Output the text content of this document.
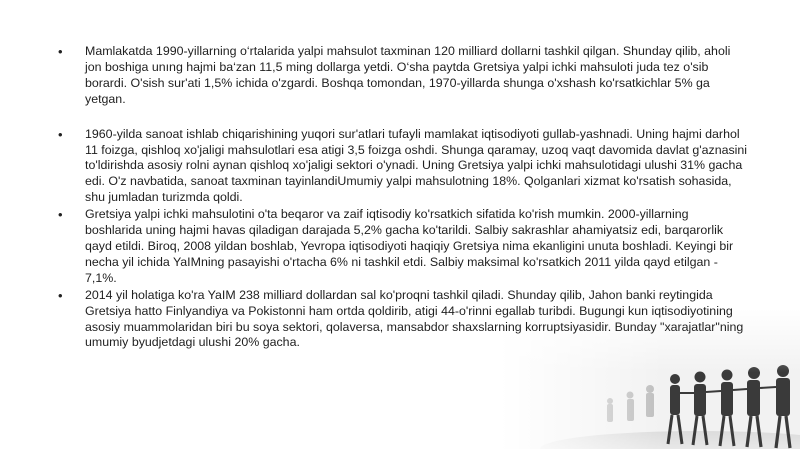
• Mamlakatda 1990-yillarning o‘rtalarida yalpi mahsulot taxminan 120 milliard dollarni tashkil qilgan. Shunday qilib, aholi jon boshiga unıng hajmi ba‘zan 11,5 ming dollarga yetdi. O‘sha paytda Gretsiya yalpi ichki mahsuloti juda tez o'sib borardi. O'sish sur'ati 1,5% ichida o'zgardi. Boshqa tomondan, 1970-yillarda shunga o'xshash ko'rsatkichlar 5% ga yetgan.
• 1960-yilda sanoat ishlab chiqarishining yuqori sur'atlari tufayli mamlakat iqtisodiyoti gullab-yashnadi. Uning hajmi darhol 11 foizga, qishloq xo'jaligi mahsulotlari esa atigi 3,5 foizga oshdi. Shunga qaramay, uzoq vaqt davomida davlat g'aznasini to'ldirishda asosiy rolni aynan qishloq xo'jaligi sektori o'ynadi. Uning Gretsiya yalpi ichki mahsulotidagi ulushi 31% gacha edi. O'z navbatida, sanoat taxminan tayinlandiUmumiy yalpi mahsulotning 18%. Qolganlari xizmat ko'rsatish sohasida, shu jumladan turizmda qoldi.
• Gretsiya yalpi ichki mahsulotini o'ta beqaror va zaif iqtisodiy ko'rsatkich sifatida ko'rish mumkin. 2000-yillarning boshlarida uning hajmi havas qiladigan darajada 5,2% gacha ko'tarildi. Salbiy sakrashlar ahamiyatsiz edi, barqarorlik qayd etildi. Biroq, 2008 yildan boshlab, Yevropa iqtisodiyoti haqiqiy Gretsiya nima ekanligini unuta boshladi. Keyingi bir necha yil ichida YaIMning pasayishi o'rtacha 6% ni tashkil etdi. Salbiy maksimal ko'rsatkich 2011 yilda qayd etilgan - 7,1%.
• 2014 yil holatiga ko'ra YaIM 238 milliard dollardan sal ko'proqni tashkil qiladi. Shunday qilib, Jahon banki reytingida Gretsiya hatto Finlyandiya va Pokistonni ham ortda qoldirib, atigi 44-o'rinni egallab turibdi. Bugungi kun iqtisodiyotining asosiy muammolaridan biri bu soya sektori, qolaversa, mansabdor shaxslarning korruptsiyasidir. Bunday "xarajatlar"ning umumiy byudjetdagi ulushi 20% gacha.
